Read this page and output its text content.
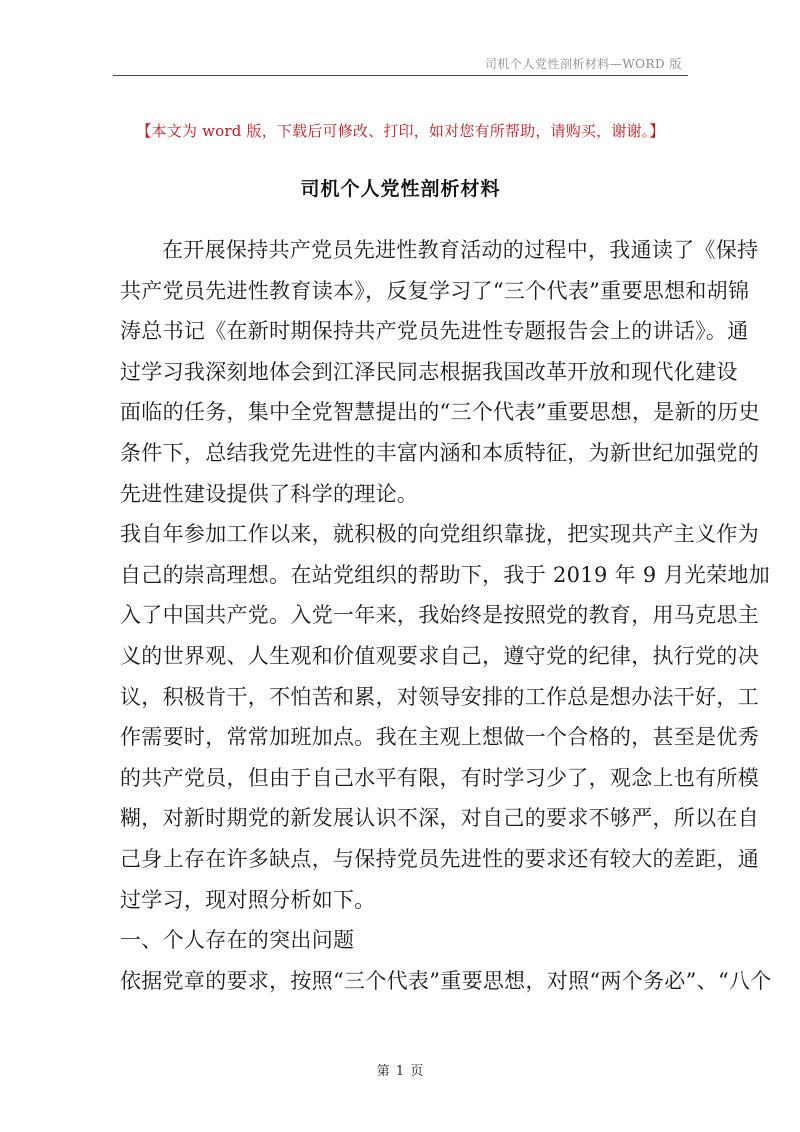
司机个人党性剖析材料—WORD 版
【本文为 word 版，下载后可修改、打印，如对您有所帮助，请购买，谢谢。】
司机个人党性剖析材料
在开展保持共产党员先进性教育活动的过程中，我通读了《保持
共产党员先进性教育读本》，反复学习了“三个代表”重要思想和胡锦
涛总书记《在新时期保持共产党员先进性专题报告会上的讲话》。通
过学习我深刻地体会到江泽民同志根据我国改革开放和现代化建设
面临的任务，集中全党智慧提出的“三个代表”重要思想，是新的历史
条件下，总结我党先进性的丰富内涵和本质特征，为新世纪加强党的
先进性建设提供了科学的理论。
我自年参加工作以来，就积极的向党组织靠拢，把实现共产主义作为
自己的崇高理想。在站党组织的帮助下，我于 2019 年 9 月光荣地加
入了中国共产党。入党一年来，我始终是按照党的教育，用马克思主
义的世界观、人生观和价值观要求自己，遵守党的纪律，执行党的决
议，积极肯干，不怕苦和累，对领导安排的工作总是想办法干好，工
作需要时，常常加班加点。我在主观上想做一个合格的，甚至是优秀
的共产党员，但由于自己水平有限，有时学习少了，观念上也有所模
糊，对新时期党的新发展认识不深，对自己的要求不够严，所以在自
己身上存在许多缺点，与保持党员先进性的要求还有较大的差距，通
过学习，现对照分析如下。
一、个人存在的突出问题
依据党章的要求，按照“三个代表”重要思想，对照“两个务必”、“八个
第 1 页
